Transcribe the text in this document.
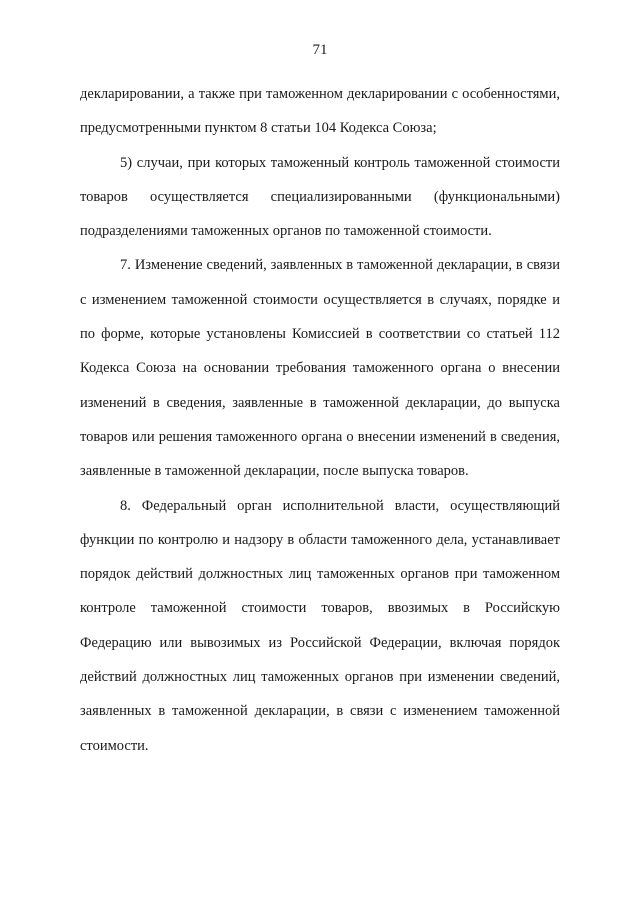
71

декларировании, а также при таможенном декларировании с особенностями, предусмотренными пунктом 8 статьи 104 Кодекса Союза;

5) случаи, при которых таможенный контроль таможенной стоимости товаров осуществляется специализированными (функциональными) подразделениями таможенных органов по таможенной стоимости.

7. Изменение сведений, заявленных в таможенной декларации, в связи с изменением таможенной стоимости осуществляется в случаях, порядке и по форме, которые установлены Комиссией в соответствии со статьей 112 Кодекса Союза на основании требования таможенного органа о внесении изменений в сведения, заявленные в таможенной декларации, до выпуска товаров или решения таможенного органа о внесении изменений в сведения, заявленные в таможенной декларации, после выпуска товаров.

8. Федеральный орган исполнительной власти, осуществляющий функции по контролю и надзору в области таможенного дела, устанавливает порядок действий должностных лиц таможенных органов при таможенном контроле таможенной стоимости товаров, ввозимых в Российскую Федерацию или вывозимых из Российской Федерации, включая порядок действий должностных лиц таможенных органов при изменении сведений, заявленных в таможенной декларации, в связи с изменением таможенной стоимости.
